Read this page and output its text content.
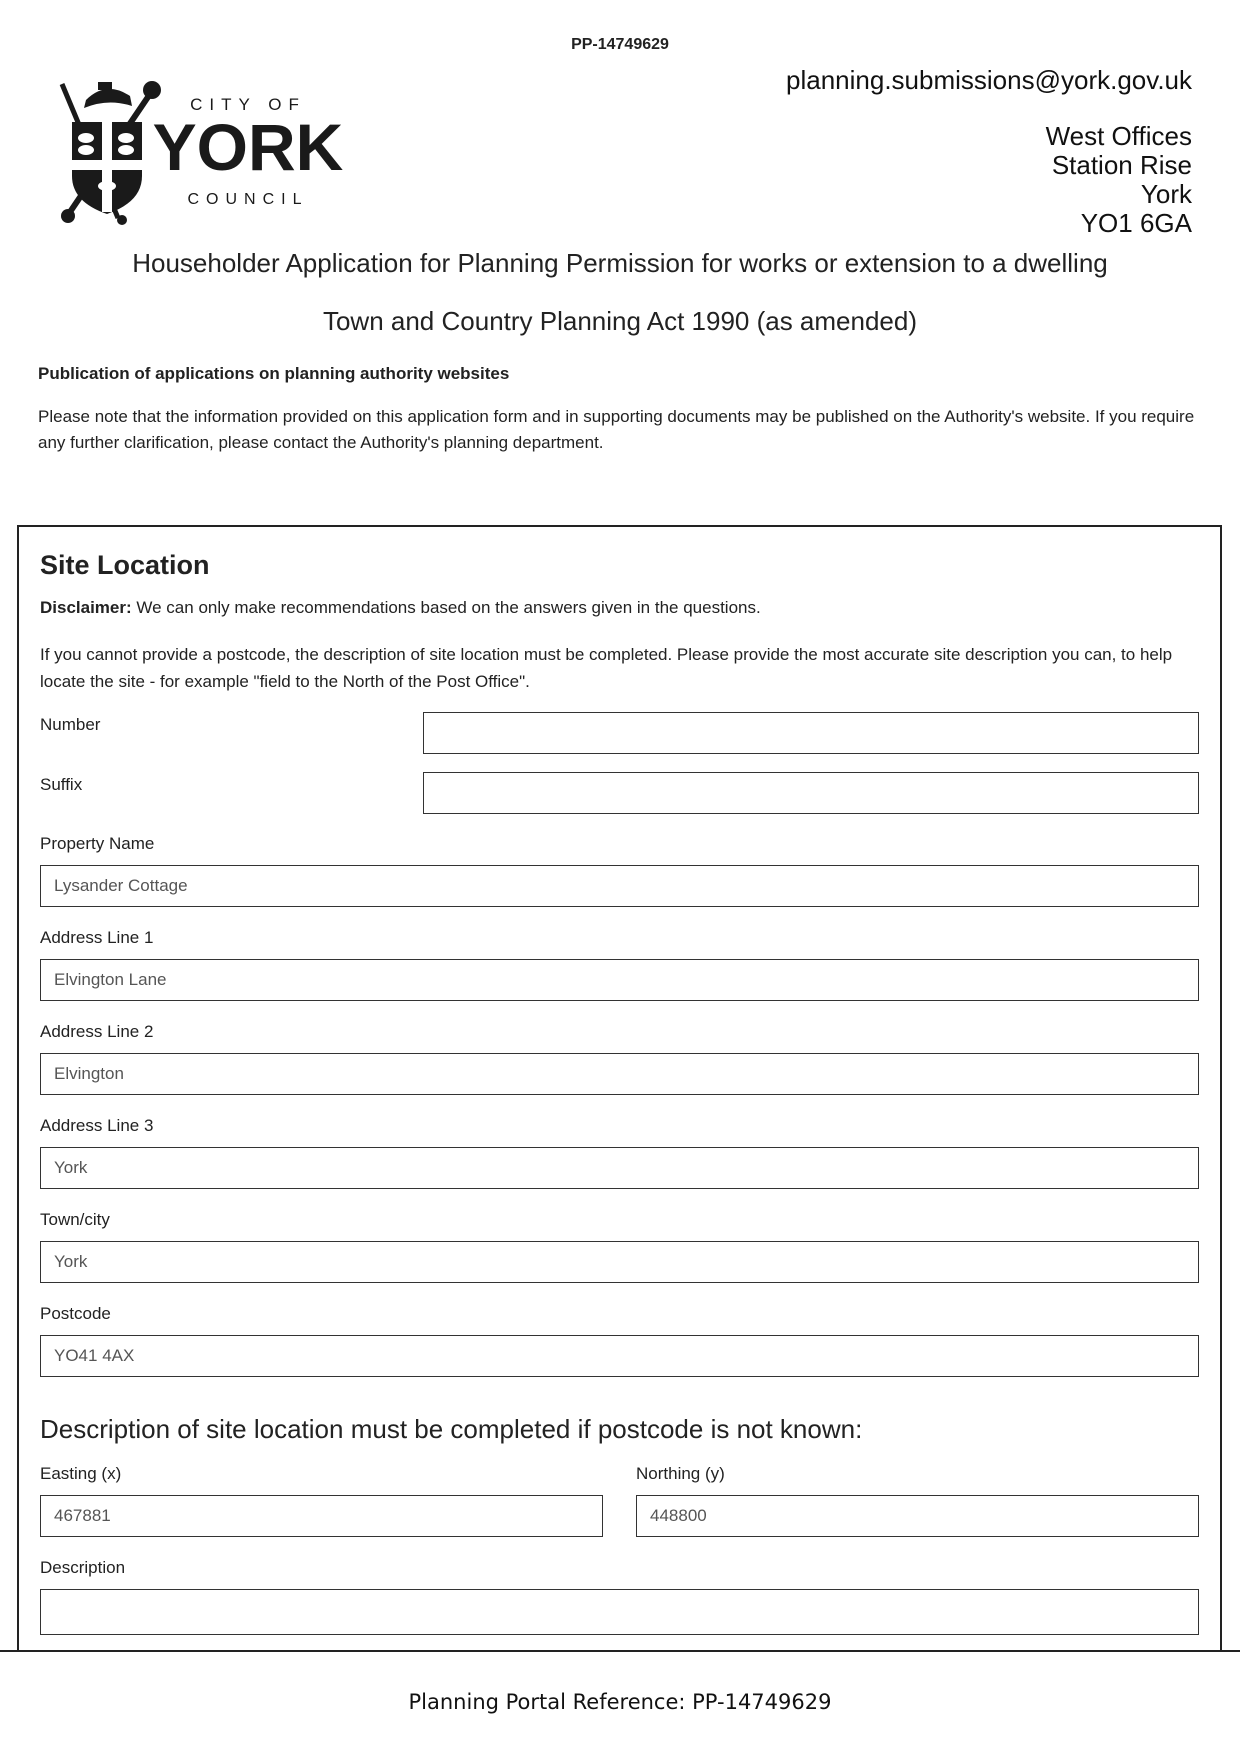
PP-14749629
CITY OF
YORK
COUNCIL
planning.submissions@york.gov.uk
West Offices
Station Rise
York
YO1 6GA
Householder Application for Planning Permission for works or extension to a dwelling
Town and Country Planning Act 1990 (as amended)
Publication of applications on planning authority websites
Please note that the information provided on this application form and in supporting documents may be published on the Authority's website. If you require any further clarification, please contact the Authority's planning department.
Site Location
Disclaimer: We can only make recommendations based on the answers given in the questions.
If you cannot provide a postcode, the description of site location must be completed. Please provide the most accurate site description you can, to help locate the site - for example "field to the North of the Post Office".
Number
Suffix
Property Name
Lysander Cottage
Address Line 1
Elvington Lane
Address Line 2
Elvington
Address Line 3
York
Town/city
York
Postcode
YO41 4AX
Description of site location must be completed if postcode is not known:
Easting (x)
467881
Northing (y)
448800
Description
Planning Portal Reference: PP-14749629
